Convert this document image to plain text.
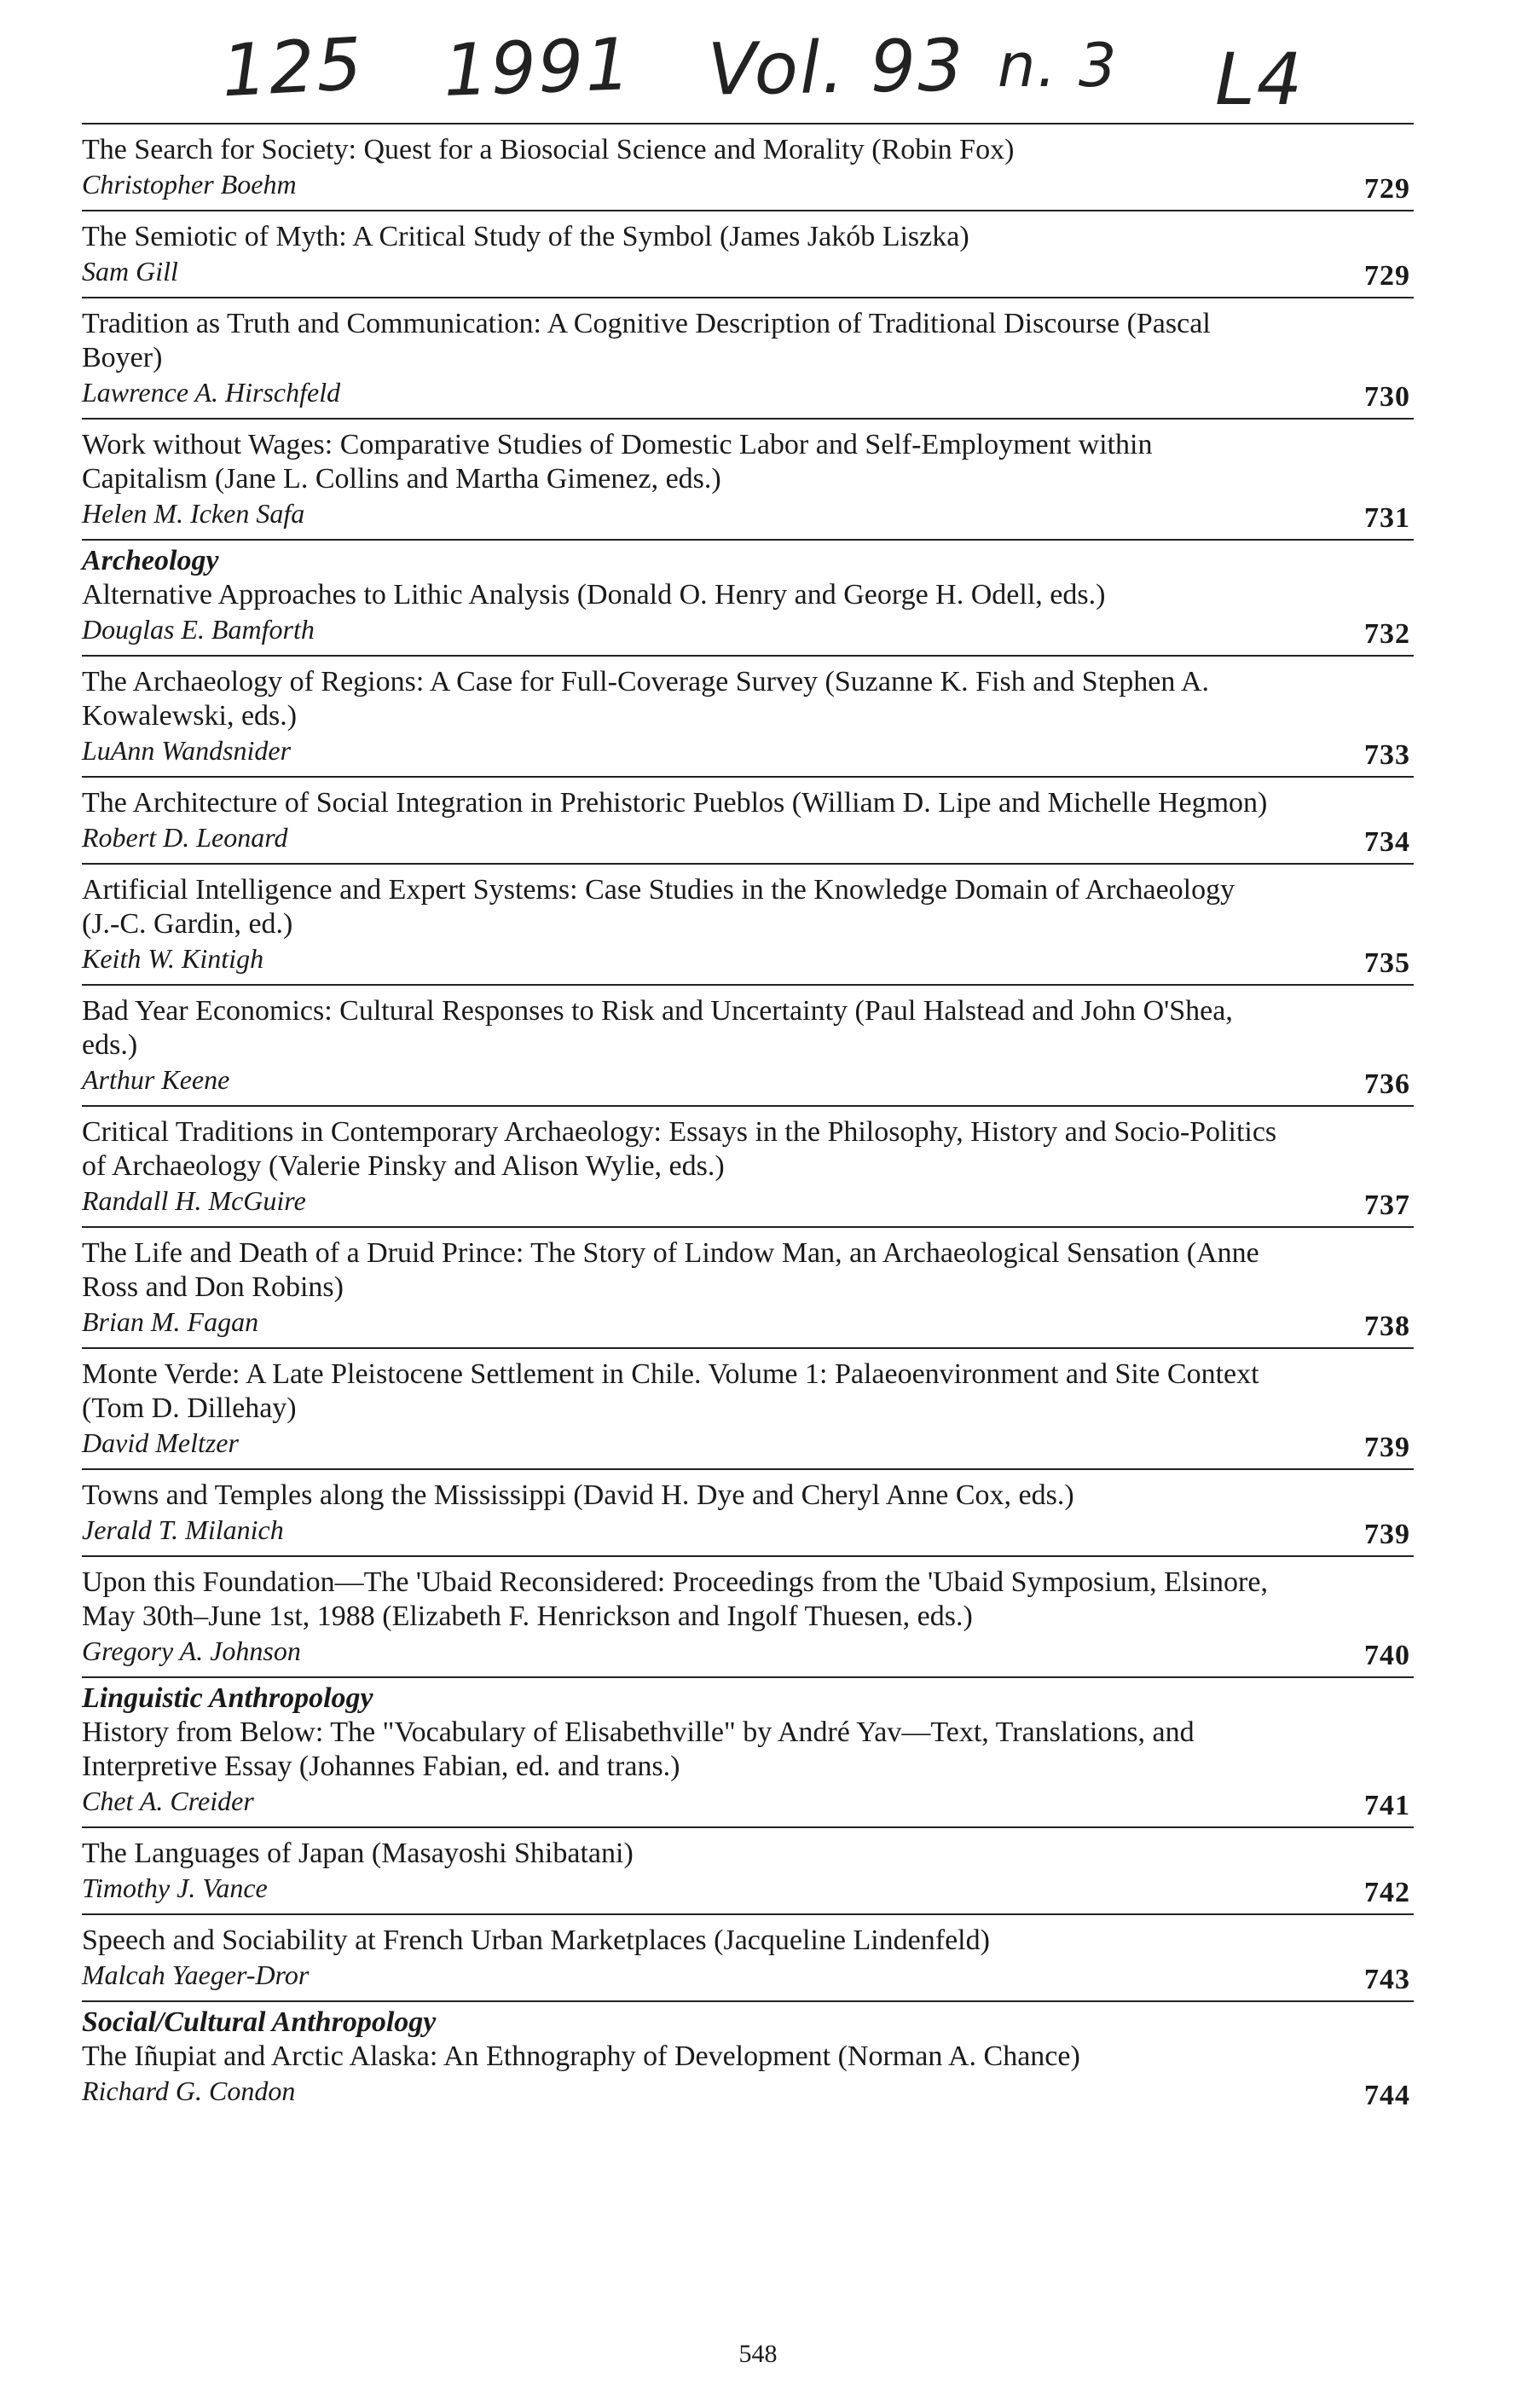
125 1991 Vol. 93 n. 3 L4

The Search for Society: Quest for a Biosocial Science and Morality (Robin Fox)

Christopher Boehm	729

The Semiotic of Myth: A Critical Study of the Symbol (James Jakób Liszka)

Sam Gill	729

Tradition as Truth and Communication: A Cognitive Description of Traditional Discourse (Pascal Boyer)

Lawrence A. Hirschfeld	730

Work without Wages: Comparative Studies of Domestic Labor and Self-Employment within Capitalism (Jane L. Collins and Martha Gimenez, eds.)

Helen M. Icken Safa	731

Archeology

Alternative Approaches to Lithic Analysis (Donald O. Henry and George H. Odell, eds.)

Douglas E. Bamforth	732

The Archaeology of Regions: A Case for Full-Coverage Survey (Suzanne K. Fish and Stephen A. Kowalewski, eds.)

LuAnn Wandsnider	733

The Architecture of Social Integration in Prehistoric Pueblos (William D. Lipe and Michelle Hegmon)

Robert D. Leonard	734

Artificial Intelligence and Expert Systems: Case Studies in the Knowledge Domain of Archaeology (J.-C. Gardin, ed.)

Keith W. Kintigh	735

Bad Year Economics: Cultural Responses to Risk and Uncertainty (Paul Halstead and John O'Shea, eds.)

Arthur Keene	736

Critical Traditions in Contemporary Archaeology: Essays in the Philosophy, History and Socio-Politics of Archaeology (Valerie Pinsky and Alison Wylie, eds.)

Randall H. McGuire	737

The Life and Death of a Druid Prince: The Story of Lindow Man, an Archaeological Sensation (Anne Ross and Don Robins)

Brian M. Fagan	738

Monte Verde: A Late Pleistocene Settlement in Chile. Volume 1: Palaeoenvironment and Site Context (Tom D. Dillehay)

David Meltzer	739

Towns and Temples along the Mississippi (David H. Dye and Cheryl Anne Cox, eds.)

Jerald T. Milanich	739

Upon this Foundation—The 'Ubaid Reconsidered: Proceedings from the 'Ubaid Symposium, Elsinore, May 30th–June 1st, 1988 (Elizabeth F. Henrickson and Ingolf Thuesen, eds.)

Gregory A. Johnson	740

Linguistic Anthropology

History from Below: The "Vocabulary of Elisabethville" by André Yav—Text, Translations, and Interpretive Essay (Johannes Fabian, ed. and trans.)

Chet A. Creider	741

The Languages of Japan (Masayoshi Shibatani)

Timothy J. Vance	742

Speech and Sociability at French Urban Marketplaces (Jacqueline Lindenfeld)

Malcah Yaeger-Dror	743

Social/Cultural Anthropology

The Iñupiat and Arctic Alaska: An Ethnography of Development (Norman A. Chance)

Richard G. Condon	744

548
